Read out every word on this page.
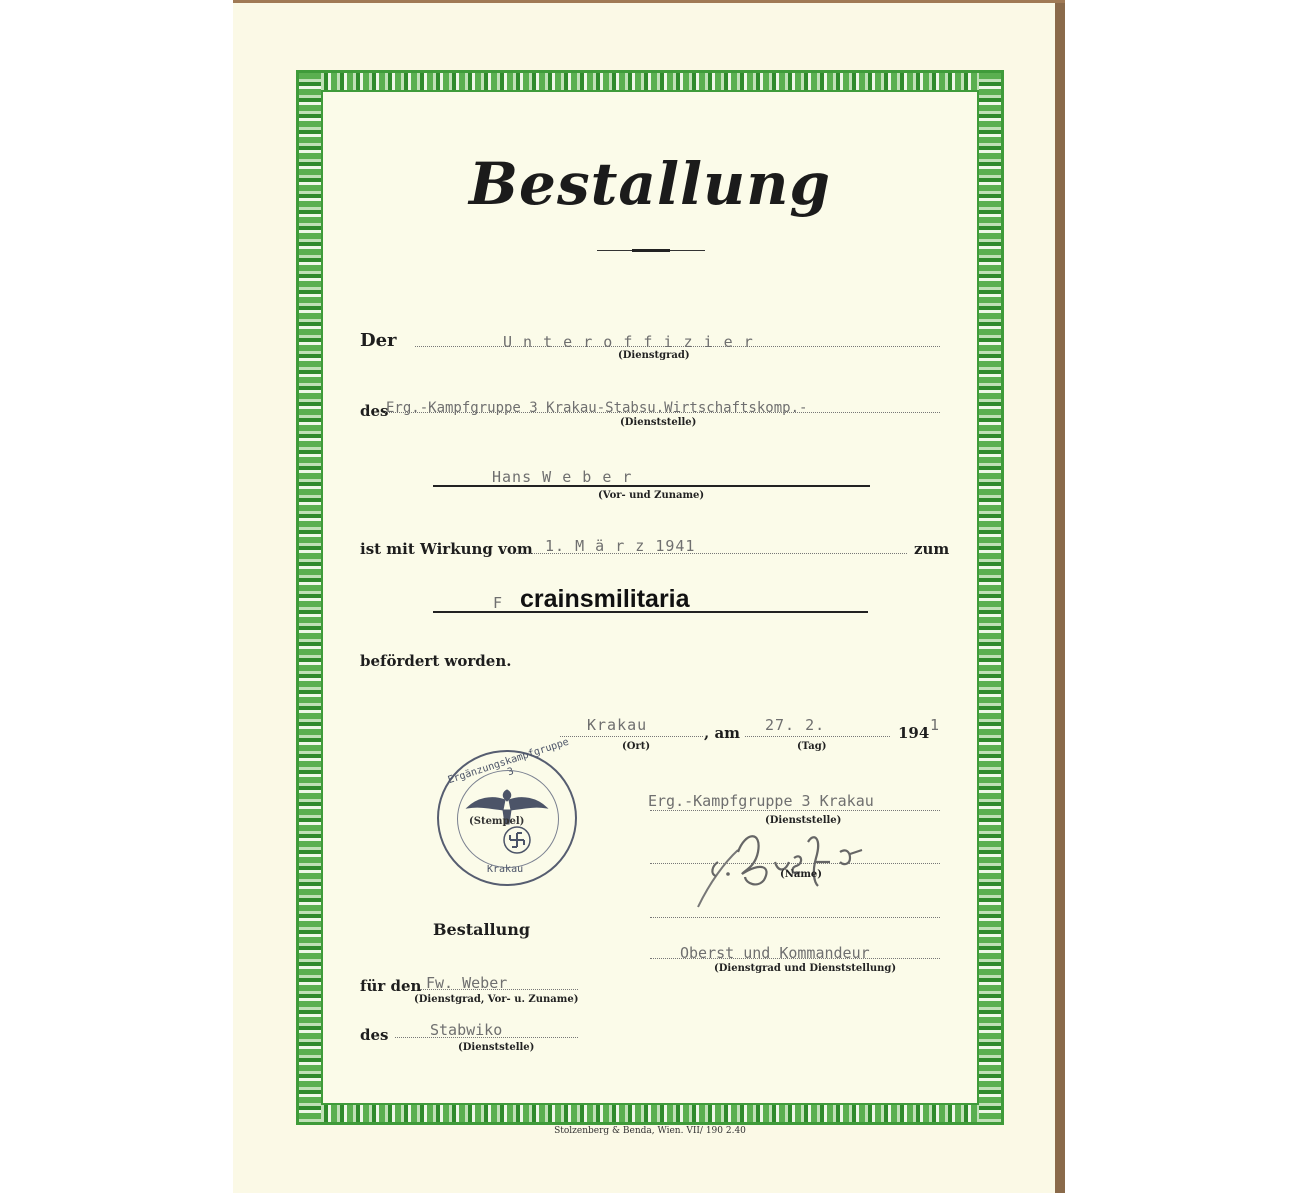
Bestallung
Der	U n t e r o f f i z i e r
(Dienstgrad)
des
Erg.-Kampfgruppe 3 Krakau-Stabsu.Wirtschaftskomp.-
(Dienststelle)
Hans W e b e r
(Vor- und Zuname)
ist mit Wirkung vom 1. M ä r z 1941	zum
F crainsmilitaria
befördert worden.
Krakau
(Ort)
, am 27. 2.
(Tag)
194 1
Ergänzungskampfgruppe 3
Krakau
(Stempel)
Erg.-Kampfgruppe 3 Krakau
(Dienststelle)
(Name)
Oberst und Kommandeur
(Dienstgrad und Dienststellung)
Bestallung
für den Fw. Weber
(Dienstgrad, Vor- u. Zuname)
des	Stabwiko
(Dienststelle)
Stolzenberg & Benda, Wien. VII/ 190 2.40
